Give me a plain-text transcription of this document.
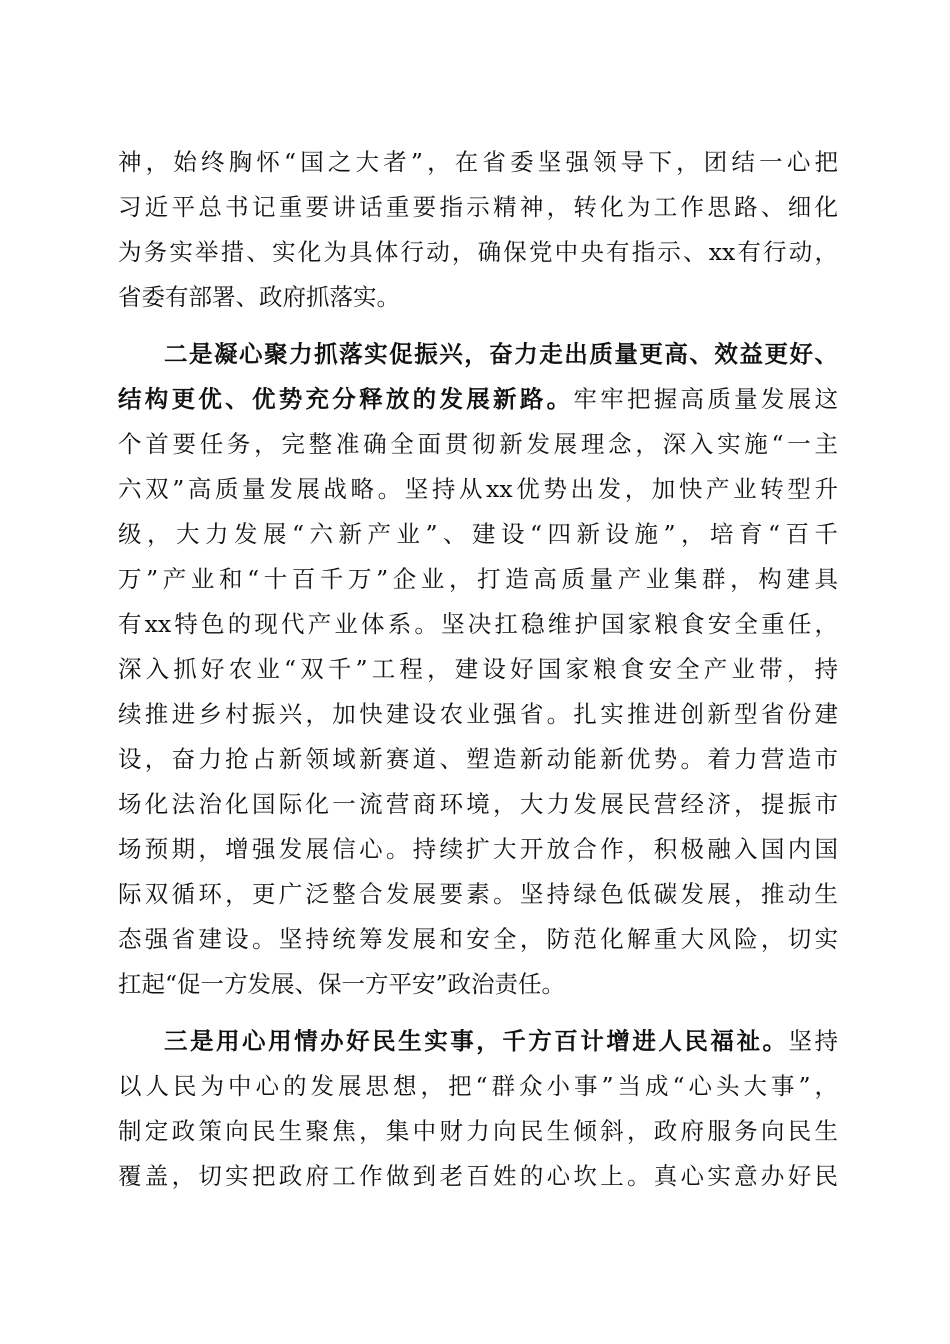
神，始终胸怀“国之大者”，在省委坚强领导下，团结一心把
习近平总书记重要讲话重要指示精神，转化为工作思路、细化
为务实举措、实化为具体行动，确保党中央有指示、xx有行动，
省委有部署、政府抓落实。
二是凝心聚力抓落实促振兴，奋力走出质量更高、效益更好、
结构更优、优势充分释放的发展新路。牢牢把握高质量发展这
个首要任务，完整准确全面贯彻新发展理念，深入实施“一主
六双”高质量发展战略。坚持从xx优势出发，加快产业转型升
级，大力发展“六新产业”、建设“四新设施”，培育“百千
万”产业和“十百千万”企业，打造高质量产业集群，构建具
有xx特色的现代产业体系。坚决扛稳维护国家粮食安全重任，
深入抓好农业“双千”工程，建设好国家粮食安全产业带，持
续推进乡村振兴，加快建设农业强省。扎实推进创新型省份建
设，奋力抢占新领域新赛道、塑造新动能新优势。着力营造市
场化法治化国际化一流营商环境，大力发展民营经济，提振市
场预期，增强发展信心。持续扩大开放合作，积极融入国内国
际双循环，更广泛整合发展要素。坚持绿色低碳发展，推动生
态强省建设。坚持统筹发展和安全，防范化解重大风险，切实
扛起“促一方发展、保一方平安”政治责任。
三是用心用情办好民生实事，千方百计增进人民福祉。坚持
以人民为中心的发展思想，把“群众小事”当成“心头大事”，
制定政策向民生聚焦，集中财力向民生倾斜，政府服务向民生
覆盖，切实把政府工作做到老百姓的心坎上。真心实意办好民
